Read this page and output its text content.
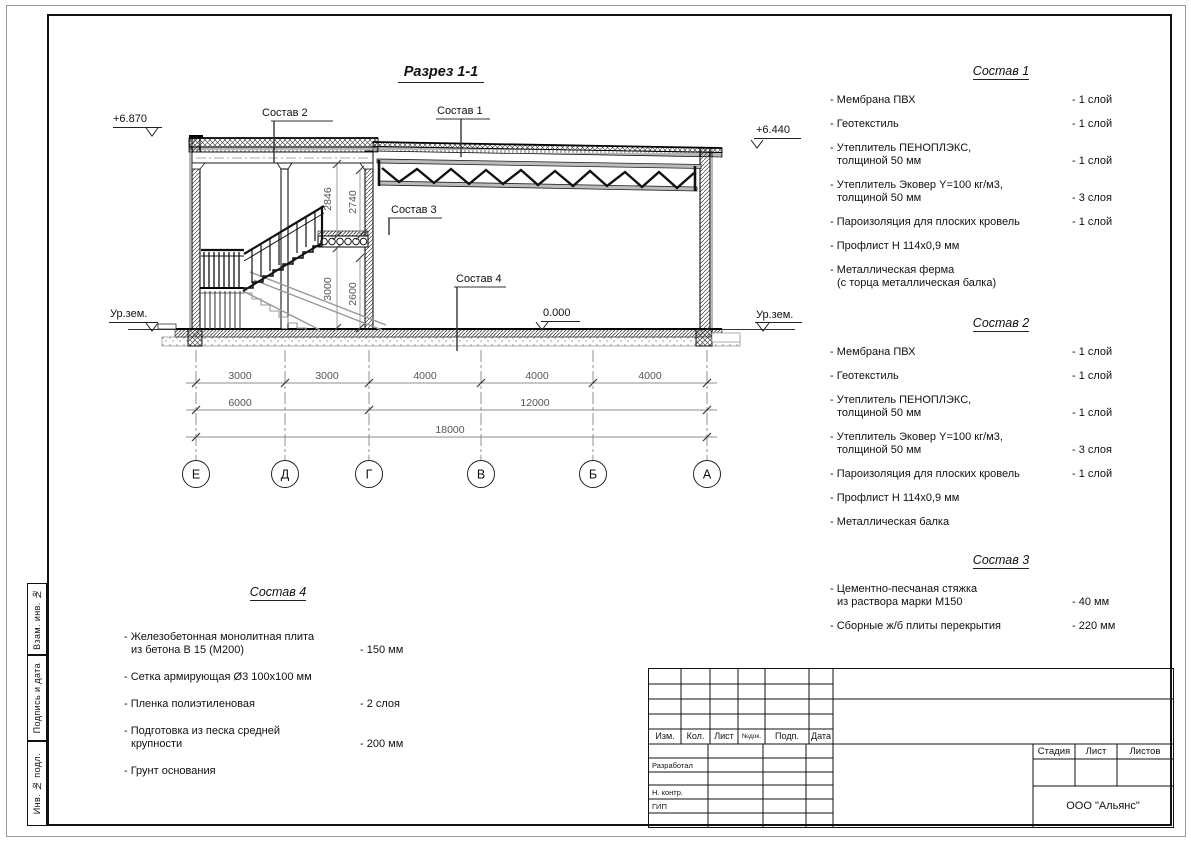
2846 2740
3000 2600
3000	3000	4000	4000	4000
6000	12000
18000
Е	Д	Г	В	Б	А
Разрез 1-1
Состав 2	Состав 1
Состав 3
Состав 4
+6.870
+6.440
0.000
Ур.зем.	Ур.зем.
Состав 1
- Мембрана ПВХ	- 1 слой
- Геотекстиль	- 1 слой
- Утеплитель ПЕНОПЛЭКС,
толщиной 50 мм	- 1 слой
- Утеплитель Эковер Y=100 кг/м3,
толщиной 50 мм	- 3 слоя
- Пароизоляция для плоских кровель	- 1 слой
- Профлист Н 114х0,9 мм
- Металлическая ферма
(с торца металлическая балка)
Состав 2
- Мембрана ПВХ	- 1 слой
- Геотекстиль	- 1 слой
- Утеплитель ПЕНОПЛЭКС,
толщиной 50 мм	- 1 слой
- Утеплитель Эковер Y=100 кг/м3,
толщиной 50 мм	- 3 слоя
- Пароизоляция для плоских кровель	- 1 слой
- Профлист Н 114х0,9 мм
- Металлическая балка
Состав 3
- Цементно-песчаная стяжка
из раствора марки М150	- 40 мм
- Сборные ж/б плиты перекрытия	- 220 мм
Состав 4
- Железобетонная монолитная плита
из бетона В 15 (М200)	- 150 мм
- Сетка армирующая Ø3 100х100 мм
- Пленка полиэтиленовая	- 2 слоя
- Подготовка из песка средней
крупности	- 200 мм
- Грунт основания
Взам. инв. №
Подпись и дата
Инв. № подл.
Изм.	Кол.	Лист	№док.	Подп.	Дата
Разработал
Н. контр.
ГИП
Стадия	Лист	Листов
ООО "Альянс"
